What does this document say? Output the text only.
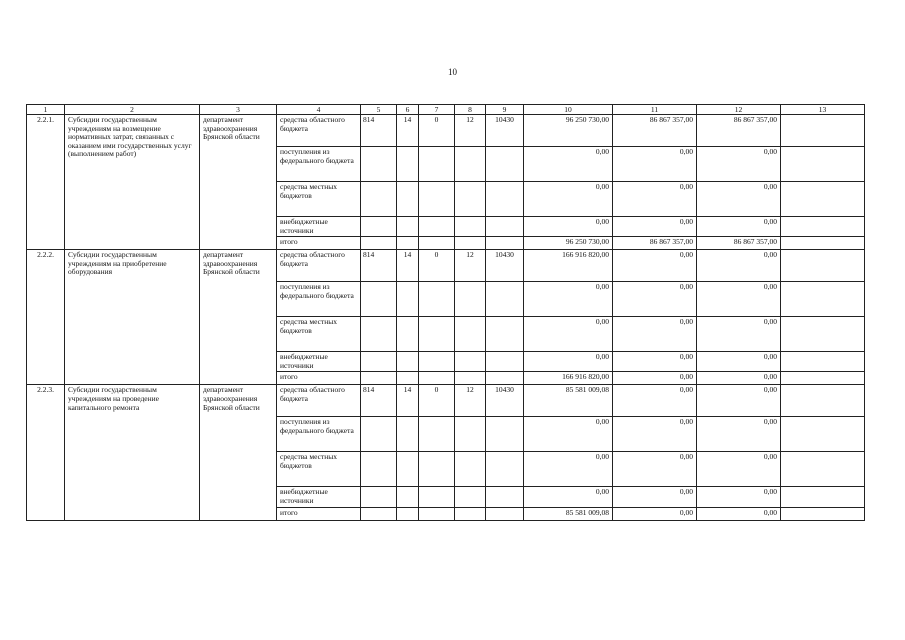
10
1	2	3	4	5	6	7	8	9	10	11	12	13
2.2.1.	Субсидии государственным учреждениям на возмещение нормативных затрат, связанных с оказанием ими государственных услуг (выполнением работ)	департамент здравоохранения Брянской области	средства областного бюджета	814	14	0	12	10430	96 250 730,00	86 867 357,00	86 867 357,00	
			поступления из федерального бюджета						0,00	0,00	0,00	
			средства местных бюджетов						0,00	0,00	0,00	
			внебюджетные источники						0,00	0,00	0,00	
			итого						96 250 730,00	86 867 357,00	86 867 357,00	
2.2.2.	Субсидии государственным учреждениям на приобретение оборудования	департамент здравоохранения Брянской области	средства областного бюджета	814	14	0	12	10430	166 916 820,00	0,00	0,00	
			поступления из федерального бюджета						0,00	0,00	0,00	
			средства местных бюджетов						0,00	0,00	0,00	
			внебюджетные источники						0,00	0,00	0,00	
			итого						166 916 820,00	0,00	0,00	
2.2.3.	Субсидии государственным учреждениям на проведение капитального ремонта	департамент здравоохранения Брянской области	средства областного бюджета	814	14	0	12	10430	85 581 009,08	0,00	0,00	
			поступления из федерального бюджета						0,00	0,00	0,00	
			средства местных бюджетов						0,00	0,00	0,00	
			внебюджетные источники						0,00	0,00	0,00	
			итого						85 581 009,08	0,00	0,00	
